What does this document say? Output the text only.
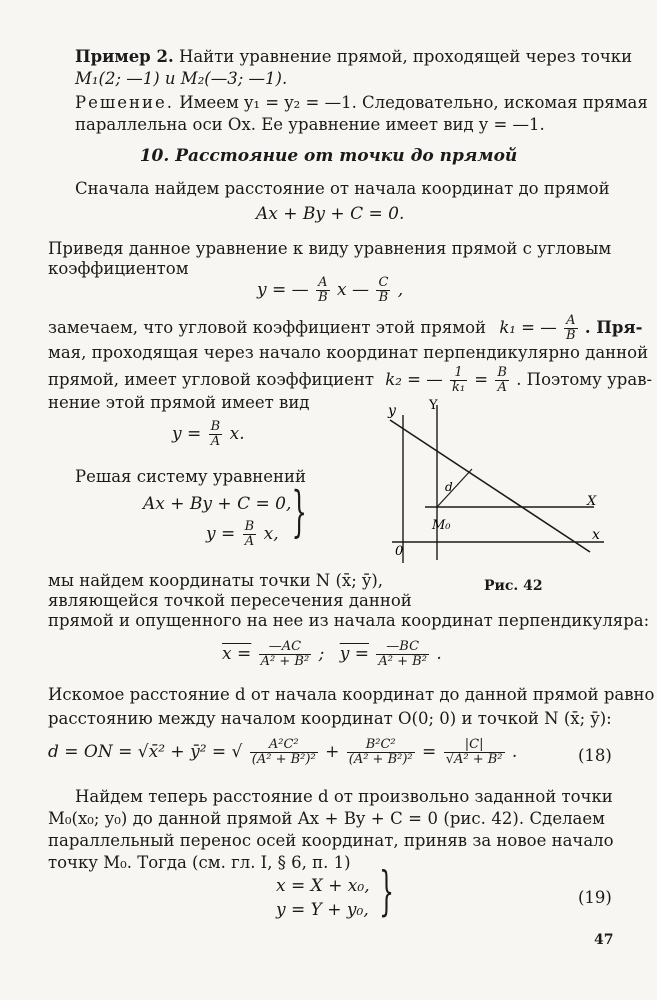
Пример 2. Найти уравнение прямой, проходящей через точки
M₁(2; —1) и M₂(—3; —1).
Решение. Имеем y₁ = y₂ = —1. Следовательно, искомая прямая
параллельна оси Ox. Ее уравнение имеет вид y = —1.
10. Расстояние от точки до прямой
Сначала найдем расстояние от начала координат до прямой
Ax + By + C = 0.
Приведя данное уравнение к виду уравнения прямой с угловым
коэффициентом
y = — $\frac{A}{B}$ x — $\frac{C}{B}$ ,
замечаем, что угловой коэффициент этой прямой k₁ = — $\frac{A}{B}$ . Пря-
мая, проходящая через начало координат перпендикулярно данной
прямой, имеет угловой коэффициент k₂ = — $\frac{1}{\text{k₁}} = \frac{B}{A}$ . Поэтому урав-
нение этой прямой имеет вид
$y = \frac{B}{A} x$.
Решая систему уравнений
Ax + By + C = 0,
$y = \frac{B}{A} x$, }
y	Y
X
x
0
M₀
d
Рис. 42
мы найдем координаты точки N (x̄; ȳ),
являющейся точкой пересечения данной
прямой и опущенного на нее из начала координат перпендикуляра:
$x = \frac{—AC}{\text{A² + B²}}$ ; $y = \frac{—BC}{\text{A² + B²}}$ .
Искомое расстояние d от начала координат до данной прямой равно
расстоянию между началом координат O(0; 0) и точкой N (x̄; ȳ):
d = ON = √x̄² + ȳ² = √ $\frac{\text{A²C²}}{\text{(A² + B²)²}} + \frac{\text{B²C²}}{\text{(A² + B²)²}} = \frac{|C|}{\text{√A² + B²}}$ .	(18)
Найдем теперь расстояние d от произвольно заданной точки
M₀(x₀; y₀) до данной прямой Ax + By + C = 0 (рис. 42). Сделаем
параллельный перенос осей координат, приняв за новое начало
точку M₀. Тогда (см. гл. I, § 6, п. 1)
x = X + x₀,
y = Y + y₀, }	(19)
47
